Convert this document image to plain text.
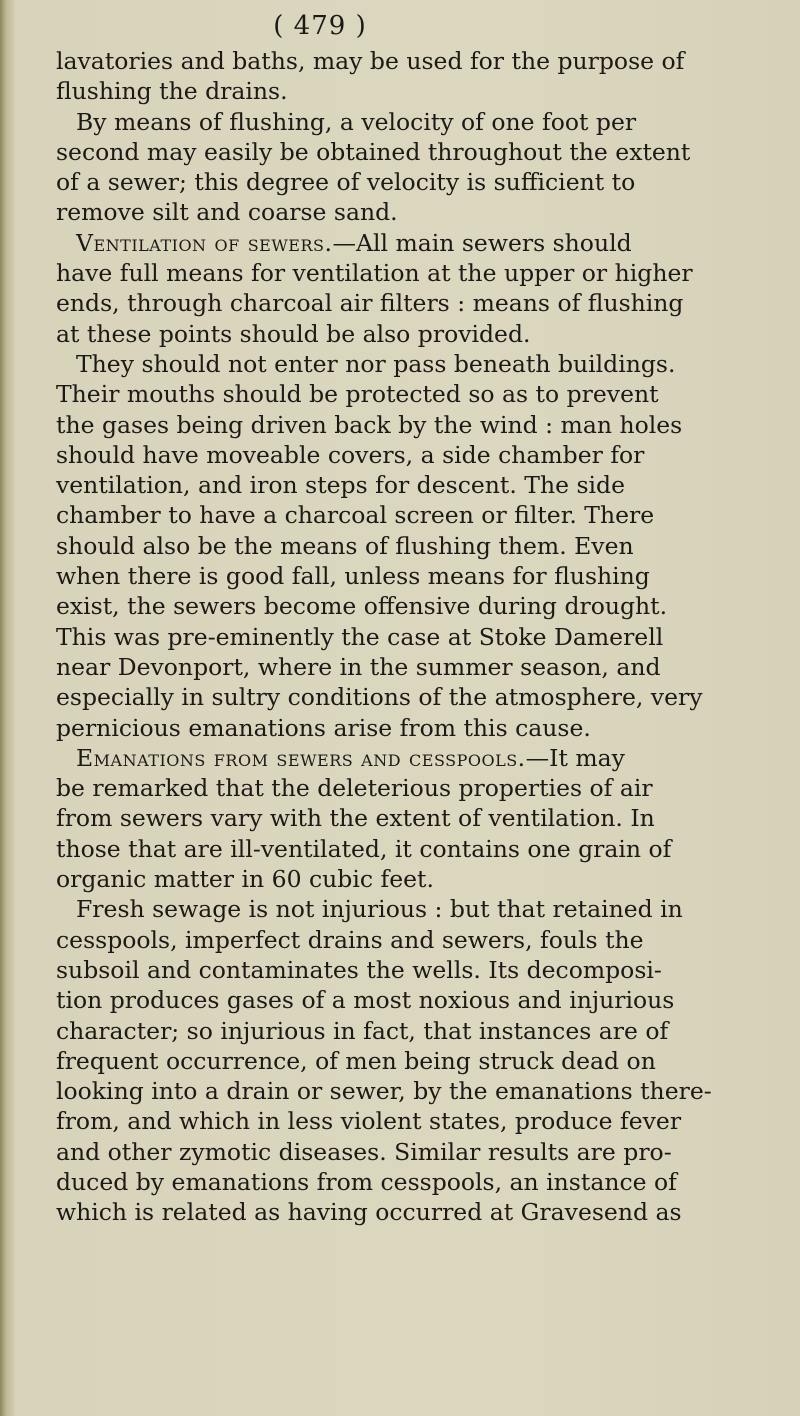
( 479 )
lavatories and baths, may be used for the purpose of
flushing the drains.
By means of flushing, a velocity of one foot per
second may easily be obtained throughout the extent
of a sewer; this degree of velocity is sufficient to
remove silt and coarse sand.
Ventilation of sewers.—All main sewers should
have full means for ventilation at the upper or higher
ends, through charcoal air filters : means of flushing
at these points should be also provided.
They should not enter nor pass beneath buildings.
Their mouths should be protected so as to prevent
the gases being driven back by the wind : man holes
should have moveable covers, a side chamber for
ventilation, and iron steps for descent. The side
chamber to have a charcoal screen or filter. There
should also be the means of flushing them. Even
when there is good fall, unless means for flushing
exist, the sewers become offensive during drought.
This was pre-eminently the case at Stoke Damerell
near Devonport, where in the summer season, and
especially in sultry conditions of the atmosphere, very
pernicious emanations arise from this cause.
Emanations from sewers and cesspools.—It may
be remarked that the deleterious properties of air
from sewers vary with the extent of ventilation. In
those that are ill-ventilated, it contains one grain of
organic matter in 60 cubic feet.
Fresh sewage is not injurious : but that retained in
cesspools, imperfect drains and sewers, fouls the
subsoil and contaminates the wells. Its decomposi-
tion produces gases of a most noxious and injurious
character; so injurious in fact, that instances are of
frequent occurrence, of men being struck dead on
looking into a drain or sewer, by the emanations there-
from, and which in less violent states, produce fever
and other zymotic diseases. Similar results are pro-
duced by emanations from cesspools, an instance of
which is related as having occurred at Gravesend as
